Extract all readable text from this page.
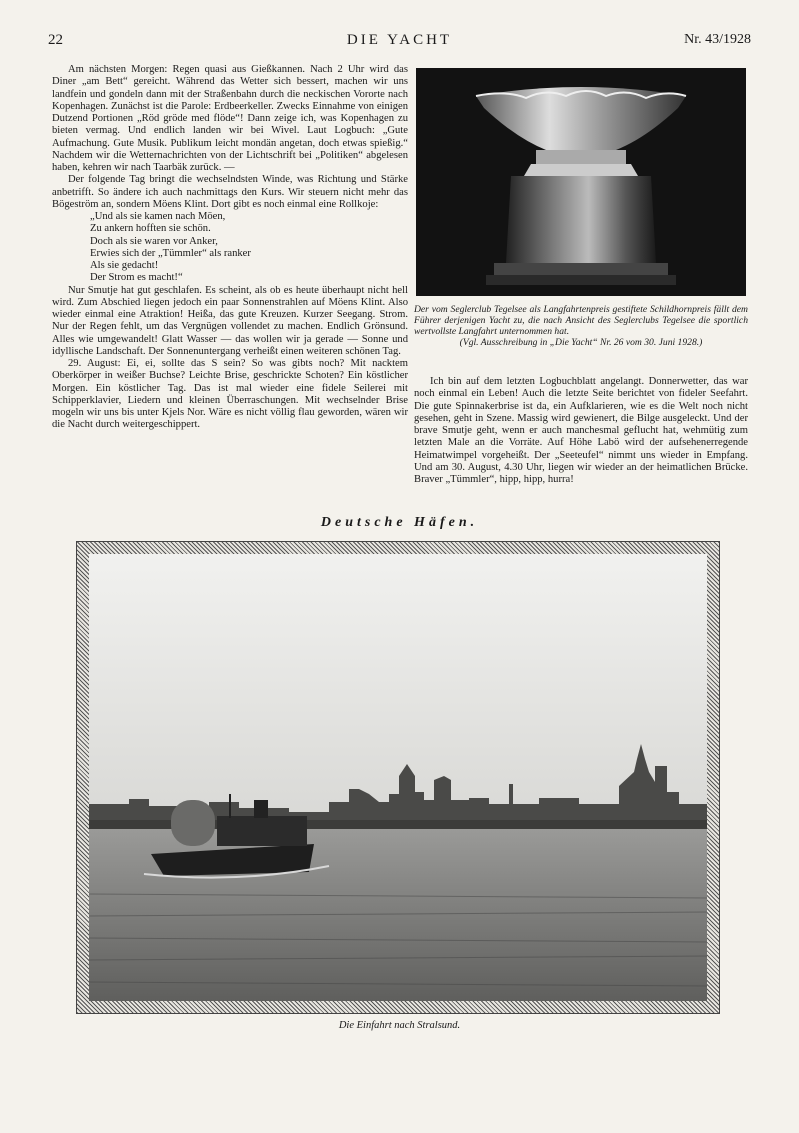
22	DIE YACHT	Nr. 43/1928

Am nächsten Morgen: Regen quasi aus Gießkannen. Nach 2 Uhr wird das Diner „am Bett“ gereicht. Während das Wetter sich bessert, machen wir uns landfein und gondeln dann mit der Straßenbahn durch die neckischen Vororte nach Kopenhagen. Zunächst ist die Parole: Erdbeerkeller. Zwecks Einnahme von einigen Dutzend Portionen „Röd gröde med flöde“! Dann zeige ich, was Kopenhagen zu bieten vermag. Und endlich landen wir bei Wivel. Laut Logbuch: „Gute Aufmachung. Gute Musik. Publikum leicht mondän angetan, doch etwas spießig.“ Nachdem wir die Wetternachrichten von der Lichtschrift bei „Politiken“ abgelesen haben, kehren wir nach Taarbäk zurück. —

Der folgende Tag bringt die wechselndsten Winde, was Richtung und Stärke anbetrifft. So ändere ich auch nachmittags den Kurs. Wir steuern nicht mehr das Bögeström an, sondern Möens Klint. Dort gibt es noch einmal eine Rollkoje:

„Und als sie kamen nach Möen,
Zu ankern hofften sie schön.
Doch als sie waren vor Anker,
Erwies sich der „Tümmler“ als ranker
Als sie gedacht!
Der Strom es macht!“

Nur Smutje hat gut geschlafen. Es scheint, als ob es heute überhaupt nicht hell wird. Zum Abschied liegen jedoch ein paar Sonnenstrahlen auf Möens Klint. Also wieder einmal eine Atraktion! Heißa, das gute Kreuzen. Kurzer Seegang. Strom. Nur der Regen fehlt, um das Vergnügen vollendet zu machen. Endlich Grönsund. Alles wie umgewandelt! Glatt Wasser — das wollen wir ja gerade — Sonne und idyllische Landschaft. Der Sonnenuntergang verheißt einen weiteren schönen Tag.

29. August: Ei, ei, sollte das S sein? So was gibts noch? Mit nacktem Oberkörper in weißer Buchse? Leichte Brise, geschrickte Schoten? Ein köstlicher Morgen. Ein köstlicher Tag. Das ist mal wieder eine fidele Seilerei mit Schipperklavier, Liedern und kleinen Überraschungen. Mit wechselnder Brise mogeln wir uns bis unter Kjels Nor. Wäre es nicht völlig flau geworden, wären wir die Nacht durch weitergeschippert.

Der vom Seglerclub Tegelsee als Langfahrtenpreis gestiftete Schildhornpreis fällt dem Führer derjenigen Yacht zu, die nach Ansicht des Seglerclubs Tegelsee die sportlich wertvollste Langfahrt unternommen hat.
(Vgl. Ausschreibung in „Die Yacht“ Nr. 26 vom 30. Juni 1928.)

Ich bin auf dem letzten Logbuchblatt angelangt. Donnerwetter, das war noch einmal ein Leben! Auch die letzte Seite berichtet von fideler Seefahrt. Die gute Spinnakerbrise ist da, ein Aufklarieren, wie es die Welt noch nicht gesehen, geht in Szene. Massig wird gewienert, die Bilge ausgeleckt. Und der brave Smutje geht, wenn er auch manchesmal geflucht hat, wehmütig zum letzten Male an die Vorräte. Auf Höhe Labö wird der aufsehenerregende Heimatwimpel vorgeheißt. Der „Seeteufel“ nimmt uns wieder in Empfang. Und am 30. August, 4.30 Uhr, liegen wir wieder an der heimatlichen Brücke. Braver „Tümmler“, hipp, hipp, hurra!

Deutsche Häfen.
Die Einfahrt nach Stralsund.
